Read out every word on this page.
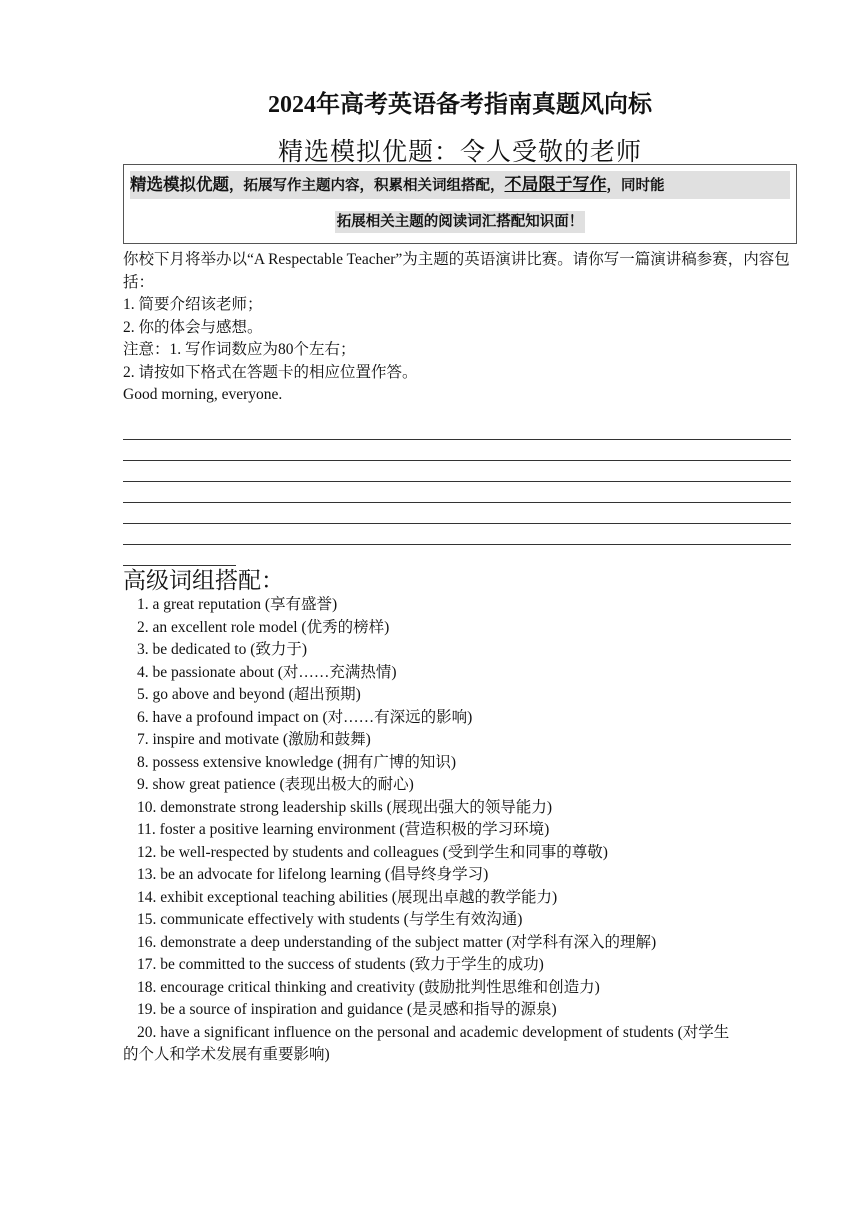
2024年高考英语备考指南真题风向标
精选模拟优题：令人受敬的老师
精选模拟优题，拓展写作主题内容，积累相关词组搭配，不局限于写作，同时能
拓展相关主题的阅读词汇搭配知识面！

你校下月将举办以“A Respectable Teacher”为主题的英语演讲比赛。请你写一篇演讲稿参赛，内容包括：

1. 简要介绍该老师；

2. 你的体会与感想。

注意：1. 写作词数应为80个左右；

2. 请按如下格式在答题卡的相应位置作答。

Good morning, everyone.

高级词组搭配：
1. a great reputation (享有盛誉)
2. an excellent role model (优秀的榜样)
3. be dedicated to (致力于)
4. be passionate about (对……充满热情)
5. go above and beyond (超出预期)
6. have a profound impact on (对……有深远的影响)
7. inspire and motivate (激励和鼓舞)
8. possess extensive knowledge (拥有广博的知识)
9. show great patience (表现出极大的耐心)
10. demonstrate strong leadership skills (展现出强大的领导能力)
11. foster a positive learning environment (营造积极的学习环境)
12. be well-respected by students and colleagues (受到学生和同事的尊敬)
13. be an advocate for lifelong learning (倡导终身学习)
14. exhibit exceptional teaching abilities (展现出卓越的教学能力)
15. communicate effectively with students (与学生有效沟通)
16. demonstrate a deep understanding of the subject matter (对学科有深入的理解)
17. be committed to the success of students (致力于学生的成功)
18. encourage critical thinking and creativity (鼓励批判性思维和创造力)
19. be a source of inspiration and guidance (是灵感和指导的源泉)
20. have a significant influence on the personal and academic development of students (对学生
的个人和学术发展有重要影响)
